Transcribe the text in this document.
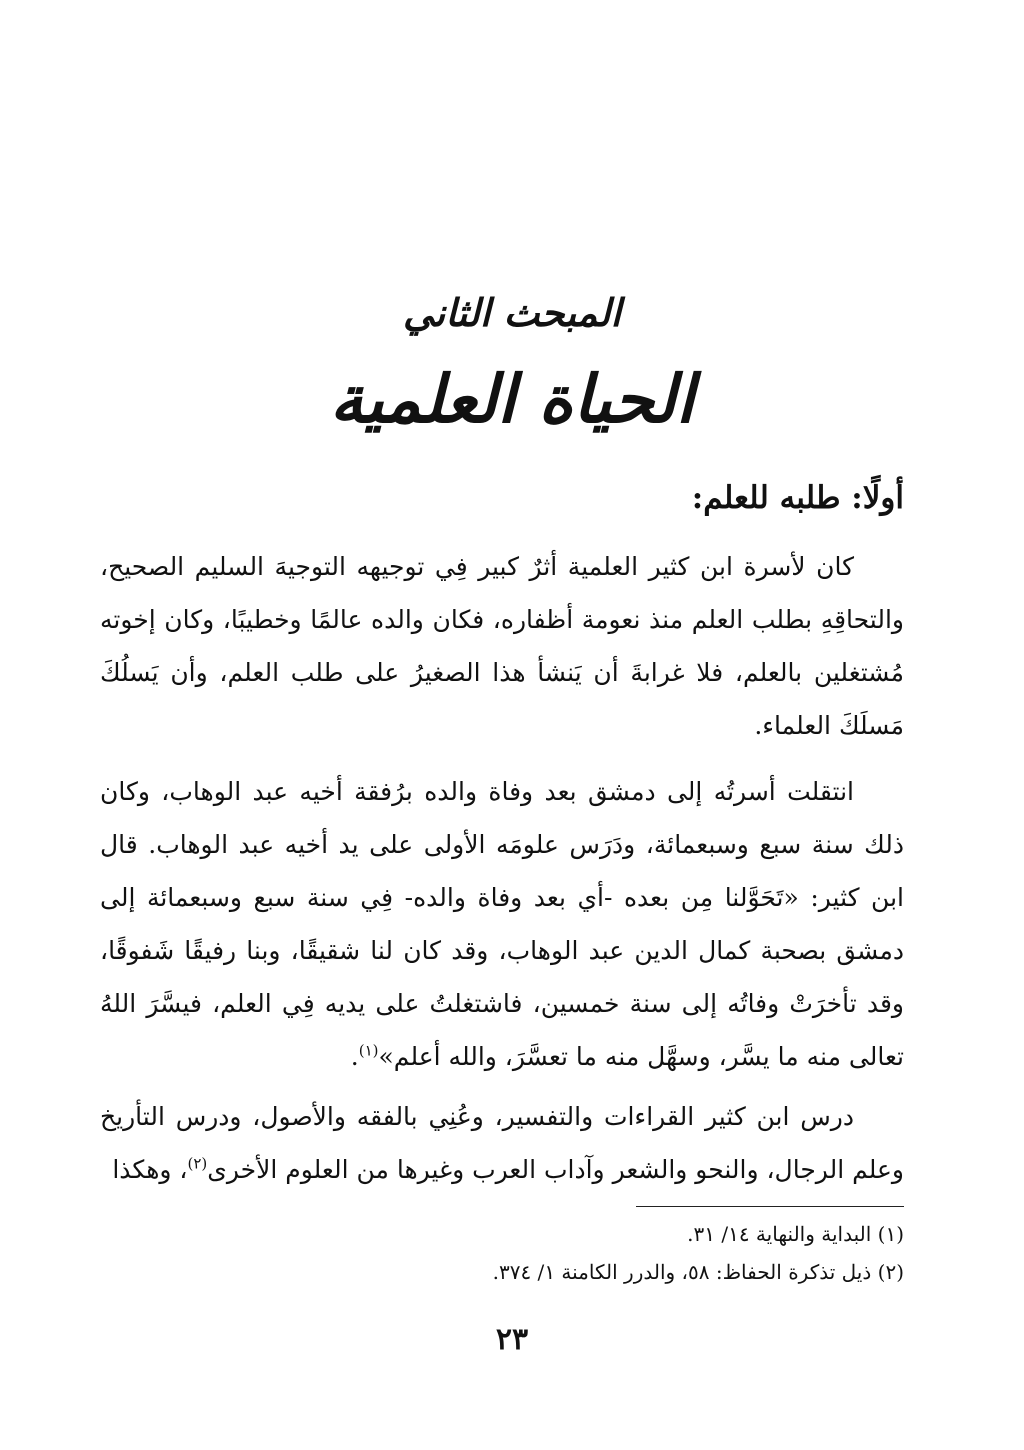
المبحث الثاني
الحياة العلمية
أولًا: طلبه للعلم:
كان لأسرة ابن كثير العلمية أثرٌ كبير فِي توجيهه التوجيهَ السليم الصحيح، والتحاقِهِ بطلب العلم منذ نعومة أظفاره، فكان والده عالمًا وخطيبًا، وكان إخوته مُشتغلين بالعلم، فلا غرابةَ أن يَنشأ هذا الصغيرُ على طلب العلم، وأن يَسلُكَ مَسلَكَ العلماء.
انتقلت أسرتُه إلى دمشق بعد وفاة والده برُفقة أخيه عبد الوهاب، وكان ذلك سنة سبع وسبعمائة، ودَرَس علومَه الأولى على يد أخيه عبد الوهاب. قال ابن كثير: «تَحَوَّلنا مِن بعده -أي بعد وفاة والده- فِي سنة سبع وسبعمائة إلى دمشق بصحبة كمال الدين عبد الوهاب، وقد كان لنا شقيقًا، وبنا رفيقًا شَفوقًا، وقد تأخرَتْ وفاتُه إلى سنة خمسين، فاشتغلتُ على يديه فِي العلم، فيسَّرَ اللهُ تعالى منه ما يسَّر، وسهَّل منه ما تعسَّرَ، والله أعلم»$^{(١)}$.
درس ابن كثير القراءات والتفسير، وعُنِي بالفقه والأصول، ودرس التأريخ وعلم الرجال، والنحو والشعر وآداب العرب وغيرها من العلوم الأخرى$^{(٢)}$، وهكذا
(١) البداية والنهاية ١٤/ ٣١.
(٢) ذيل تذكرة الحفاظ: ٥٨، والدرر الكامنة ١/ ٣٧٤.
٢٣
